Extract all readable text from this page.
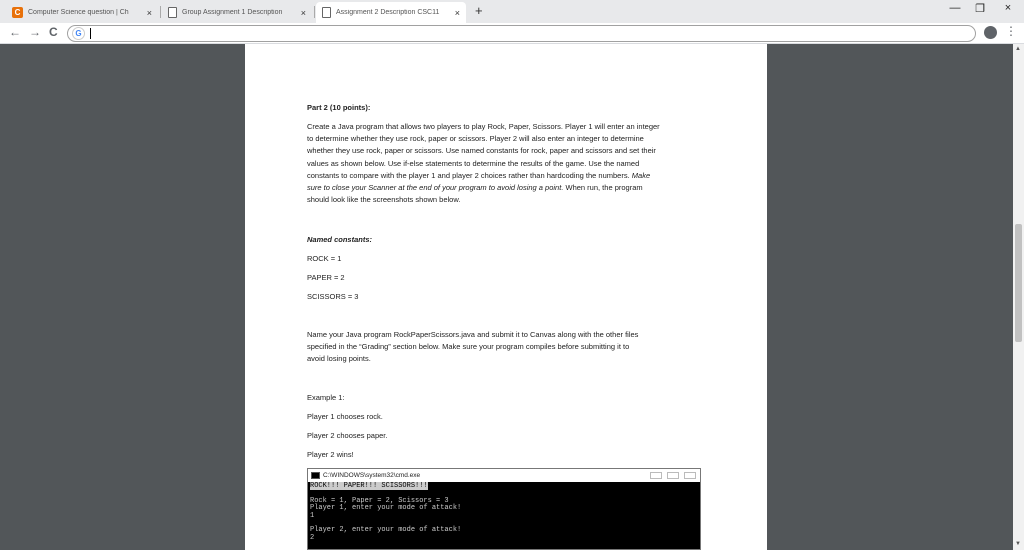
C	Computer Science question | Ch	×	Group Assignment 1 Description	×	Assignment 2 Description CSC11	× +	—	❐	×
← → C	G	⋮
▲
▼
Part 2 (10 points):
Create a Java program that allows two players to play Rock, Paper, Scissors. Player 1 will enter an integer
to determine whether they use rock, paper or scissors. Player 2 will also enter an integer to determine
whether they use rock, paper or scissors. Use named constants for rock, paper and scissors and set their
values as shown below. Use if-else statements to determine the results of the game. Use the named
constants to compare with the player 1 and player 2 choices rather than hardcoding the numbers. Make
sure to close your Scanner at the end of your program to avoid losing a point. When run, the program
should look like the screenshots shown below.
Named constants:
ROCK = 1
PAPER = 2
SCISSORS = 3
Name your Java program RockPaperScissors.java and submit it to Canvas along with the other files
specified in the “Grading” section below. Make sure your program compiles before submitting it to
avoid losing points.
Example 1:
Player 1 chooses rock.
Player 2 chooses paper.
Player 2 wins!
C:\WINDOWS\system32\cmd.exe
ROCK!!! PAPER!!! SCISSORS!!!

Rock = 1, Paper = 2, Scissors = 3
Player 1, enter your mode of attack!
1

Player 2, enter your mode of attack!
2
